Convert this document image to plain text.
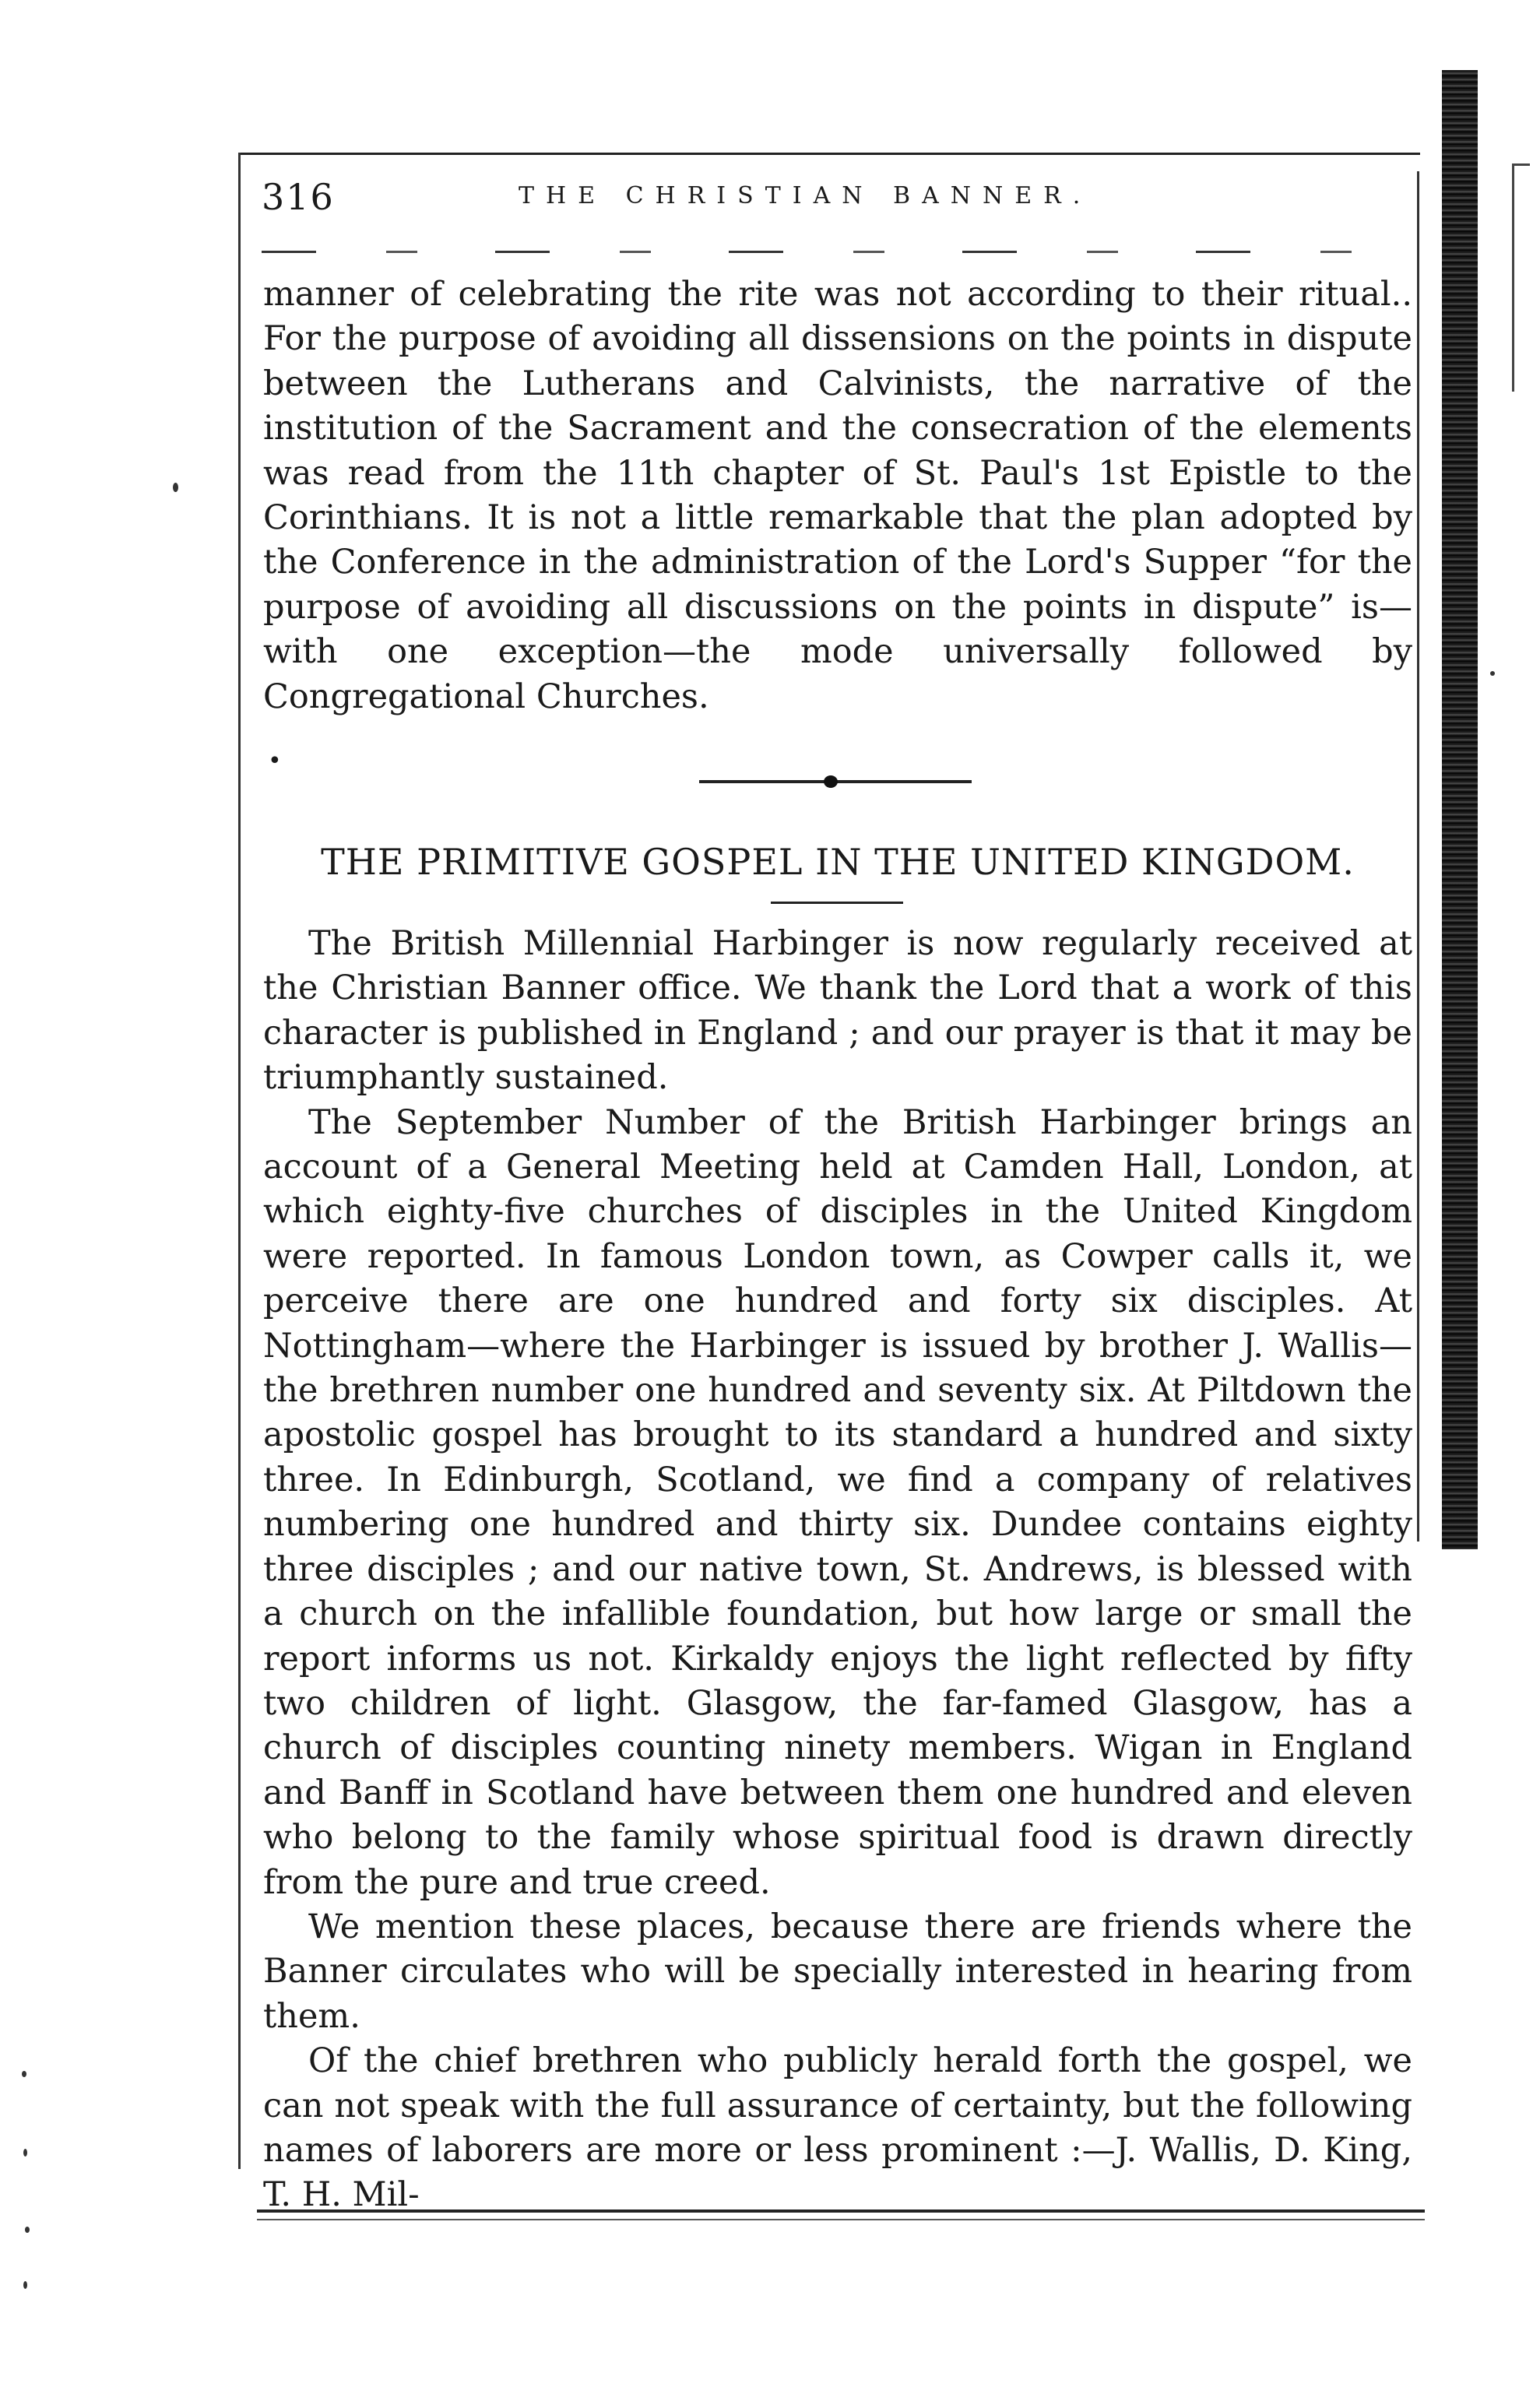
316	THE CHRISTIAN BANNER.

manner of celebrating the rite was not according to their ritual.. For the purpose of avoiding all dissensions on the points in dispute between the Lutherans and Calvinists, the narrative of the institution of the Sacrament and the consecration of the elements was read from the 11th chapter of St. Paul's 1st Epistle to the Corinthians. It is not a little remarkable that the plan adopted by the Conference in the administration of the Lord's Supper “for the purpose of avoiding all discussions on the points in dispute” is—with one exception—the mode universally followed by Congregational Churches.

•
THE PRIMITIVE GOSPEL IN THE UNITED KINGDOM.

The British Millennial Harbinger is now regularly received at the Christian Banner office. We thank the Lord that a work of this character is published in England ; and our prayer is that it may be triumphantly sustained.

The September Number of the British Harbinger brings an account of a General Meeting held at Camden Hall, London, at which eighty-five churches of disciples in the United Kingdom were reported. In famous London town, as Cowper calls it, we perceive there are one hundred and forty six disciples. At Nottingham—where the Harbinger is issued by brother J. Wallis—the brethren number one hundred and seventy six. At Piltdown the apostolic gospel has brought to its standard a hundred and sixty three. In Edinburgh, Scotland, we find a company of relatives numbering one hundred and thirty six. Dundee contains eighty three disciples ; and our native town, St. Andrews, is blessed with a church on the infallible foundation, but how large or small the report informs us not. Kirkaldy enjoys the light reflected by fifty two children of light. Glasgow, the far-famed Glasgow, has a church of disciples counting ninety members. Wigan in England and Banff in Scotland have between them one hundred and eleven who belong to the family whose spiritual food is drawn directly from the pure and true creed.

We mention these places, because there are friends where the Banner circulates who will be specially interested in hearing from them.

Of the chief brethren who publicly herald forth the gospel, we can not speak with the full assurance of certainty, but the following names of laborers are more or less prominent :—J. Wallis, D. King, T. H. Mil-
